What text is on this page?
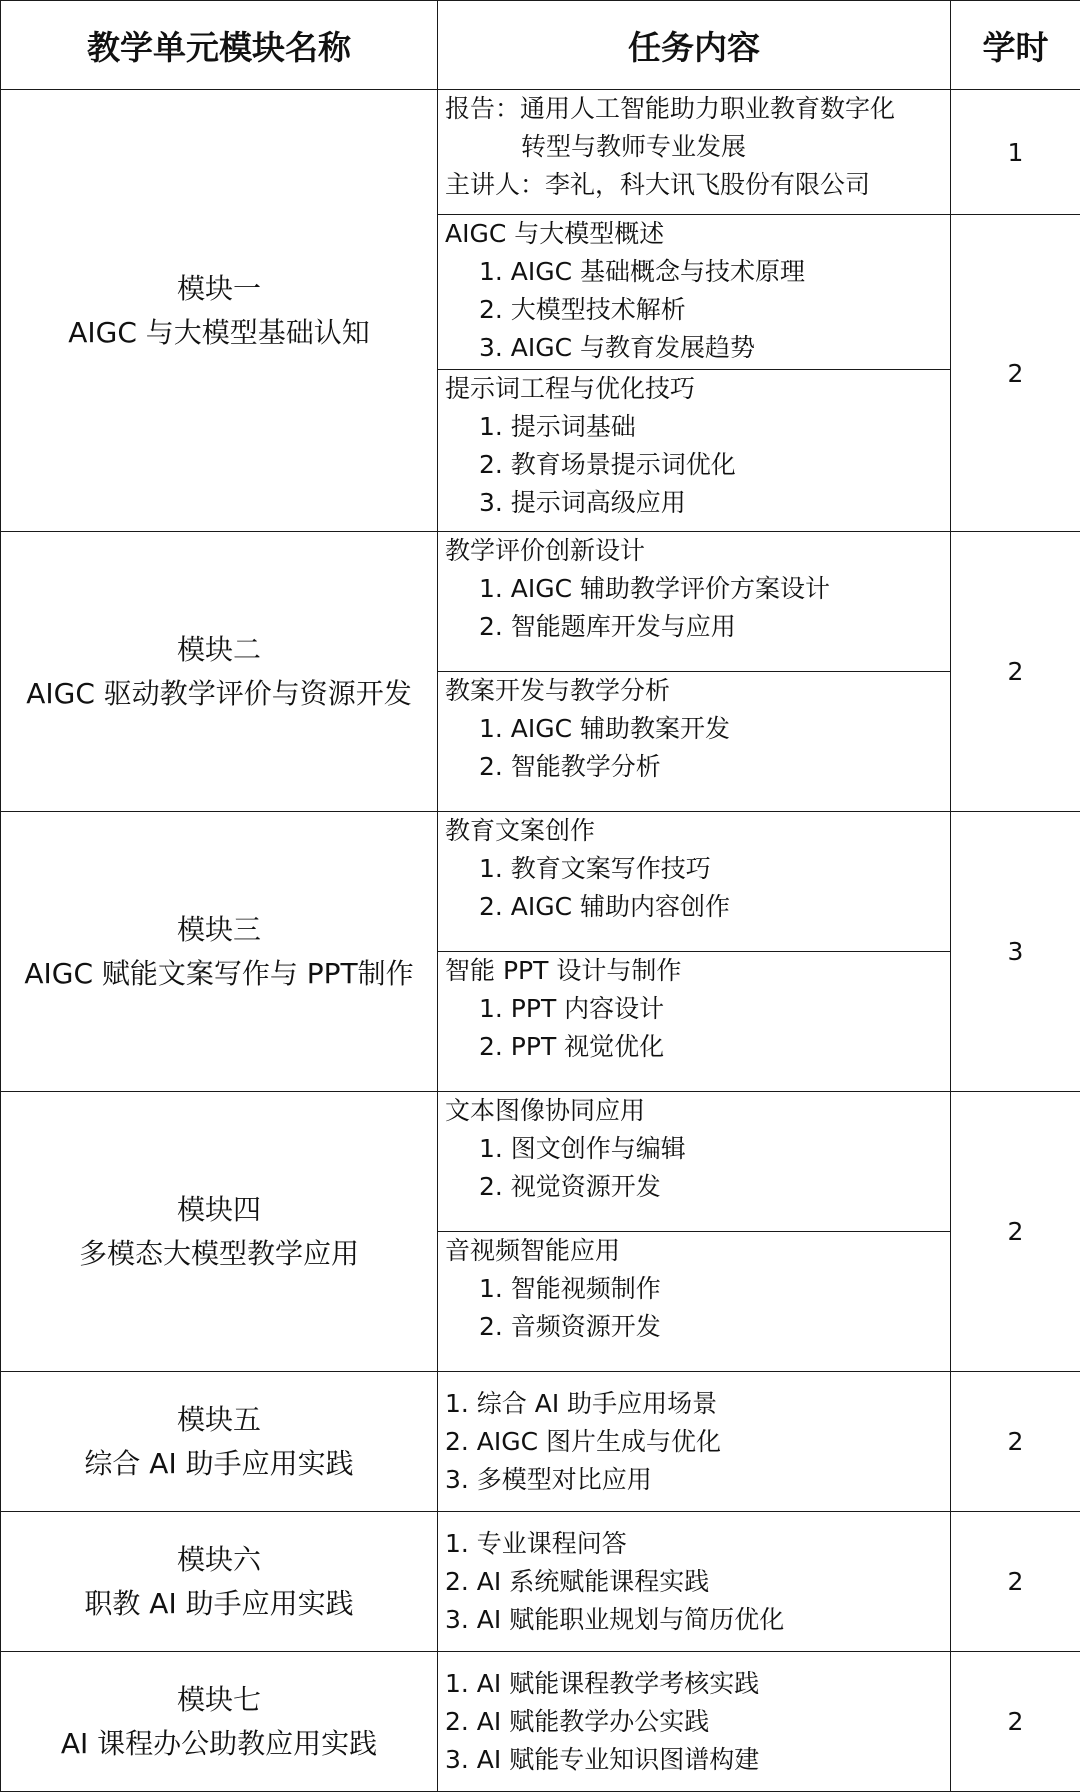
教学单元模块名称	任务内容	学时

模块一
AIGC 与大模型基础认知	报告：通用人工智能助力职业教育数字化
转型与教师专业发展
主讲人：李礼，科大讯飞股份有限公司	1

	AIGC 与大模型概述
1. AIGC 基础概念与技术原理
2. 大模型技术解析
3. AIGC 与教育发展趋势	2

	提示词工程与优化技巧
1. 提示词基础
2. 教育场景提示词优化
3. 提示词高级应用	

模块二
AIGC 驱动教学评价与资源开发	教学评价创新设计
1. AIGC 辅助教学评价方案设计
2. 智能题库开发与应用	2

	教案开发与教学分析
1. AIGC 辅助教案开发
2. 智能教学分析	

模块三
AIGC 赋能文案写作与 PPT制作	教育文案创作
1. 教育文案写作技巧
2. AIGC 辅助内容创作	3

	智能 PPT 设计与制作
1. PPT 内容设计
2. PPT 视觉优化	

模块四
多模态大模型教学应用	文本图像协同应用
1. 图文创作与编辑
2. 视觉资源开发	2

	音视频智能应用
1. 智能视频制作
2. 音频资源开发	

模块五
综合 AI 助手应用实践	1. 综合 AI 助手应用场景
2. AIGC 图片生成与优化
3. 多模型对比应用	2

模块六
职教 AI 助手应用实践	1. 专业课程问答
2. AI 系统赋能课程实践
3. AI 赋能职业规划与简历优化	2

模块七
AI 课程办公助教应用实践	1. AI 赋能课程教学考核实践
2. AI 赋能教学办公实践
3. AI 赋能专业知识图谱构建	2
